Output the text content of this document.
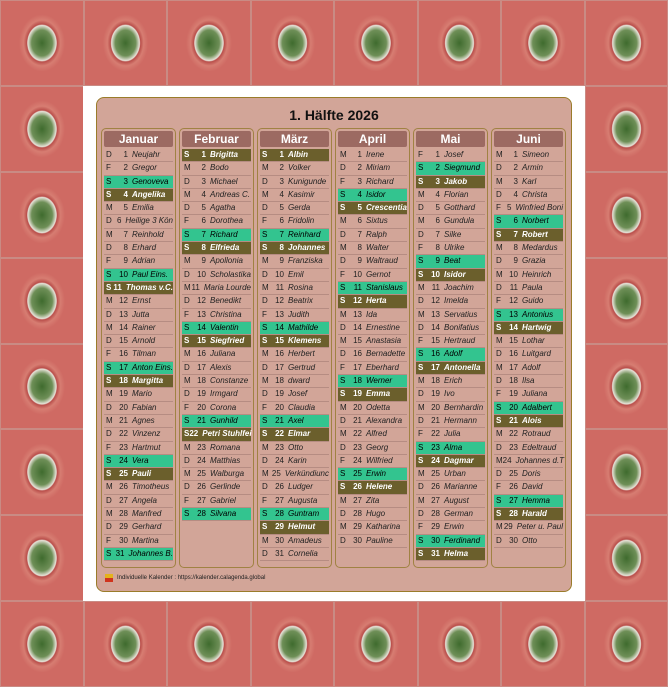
1. Hälfte 2026
Individuelle Kalender : https://kalender.calagenda.global
Januar
D	1 Neujahr
F	2 Gregor
S	3 Genoveva
S	4 Angelika
M	5 Emilia
D 6 Heilige 3 Kön
M	7 Reinhold
D	8 Erhard
F	9 Adrian
S 10 Paul Eins.
S 11 Thomas v.C.
M 12 Ernst
D 13 Jutta
M 14 Rainer
D 15 Arnold
F	16 Tilman
S 17 Anton Eins.
S 18 Margitta
M 19 Mario
D 20 Fabian
M 21 Agnes
D 22 Vinzenz
F	23 Hartmut
S 24 Vera
S 25 Pauli
M 26 Timotheus
D 27 Angela
M 28 Manfred
D 29 Gerhard
F	30 Martina
S 31 Johannes B.
Februar
S	1 Brigitta
M	2 Bodo
D	3 Michael
M	4 Andreas C.
D	5 Agatha
F	6 Dorothea
S	7 Richard
S	8 Elfrieda
M	9 Apollonia
D 10 Scholastika
M 11 Maria Lourde
D 12 Benedikt
F	13 Christina
S 14 Valentin
S 15 Siegfried
M 16 Juliana
D 17 Alexis
M 18 Constanze
D 19 Irmgard
F	20 Corona
S 21 Gunhild
S 22 Petri Stuhlfei
M 23 Romana
D 24 Matthias
M 25 Walburga
D 26 Gerlinde
F	27 Gabriel
S 28 Silvana
März
S	1 Albin
M	2 Volker
D	3 Kunigunde
M	4 Kasimir
D	5 Gerda
F	6 Fridolin
S	7 Reinhard
S	8 Johannes
M	9 Franziska
D 10 Emil
M 11 Rosina
D 12 Beatrix
F	13 Judith
S 14 Mathilde
S 15 Klemens
M 16 Herbert
D 17 Gertrud
M 18 dward
D 19 Josef
F	20 Claudia
S 21 Axel
S 22 Elmar
M 23 Otto
D 24 Karin
M 25 Verkündiunc
D 26 Ludger
F	27 Augusta
S 28 Guntram
S 29 Helmut
M 30 Amadeus
D 31 Cornelia
April
M	1 Irene
D	2 Miriam
F	3 Richard
S	4 Isidor
S	5 Crescentia
M	6 Sixtus
D	7 Ralph
M	8 Walter
D	9 Waltraud
F	10 Gernot
S	11 Stanislaus
S 12 Herta
M 13 Ida
D 14 Ernestine
M 15 Anastasia
D 16 Bernadette
F	17 Eberhard
S 18 Werner
S 19 Emma
M 20 Odetta
D 21 Alexandra
M 22 Alfred
D 23 Georg
F	24 Wilfried
S 25 Erwin
S 26 Helene
M 27 Zita
D 28 Hugo
M 29 Katharina
D 30 Pauline
Mai
F	1 Josef
S	2 Siegmund
S	3 Jakob
M	4 Florian
D	5 Gotthard
M	6 Gundula
D	7 Silke
F	8 Ulrike
S	9 Beat
S 10 Isidor
M 11 Joachim
D 12 Imelda
M 13 Servatius
D 14 Bonifatius
F	15 Hertraud
S 16 Adolf
S 17 Antonella
M 18 Erich
D 19 Ivo
M 20 Bernhardin
D 21 Hermann
F	22 Julia
S 23 Alma
S 24 Dagmar
M 25 Urban
D 26 Marianne
M 27 August
D 28 German
F	29 Erwin
S 30 Ferdinand
S 31 Helma
Juni
M	1 Simeon
D	2 Armin
M	3 Karl
D	4 Christa
F 5 Winfried Boni
S	6 Norbert
S	7 Robert
M	8 Medardus
D	9 Grazia
M 10 Heinrich
D 11 Paula
F	12 Guido
S 13 Antonius
S 14 Hartwig
M 15 Lothar
D 16 Luitgard
M 17 Adolf
D 18 Ilsa
F	19 Juliana
S 20 Adalbert
S 21 Alois
M 22 Rotraud
D 23 Edeltraud
M 24 Johannes d.T
D 25 Doris
F	26 David
S 27 Hemma
S 28 Harald
M 29 Peter u. Paul
D 30 Otto
